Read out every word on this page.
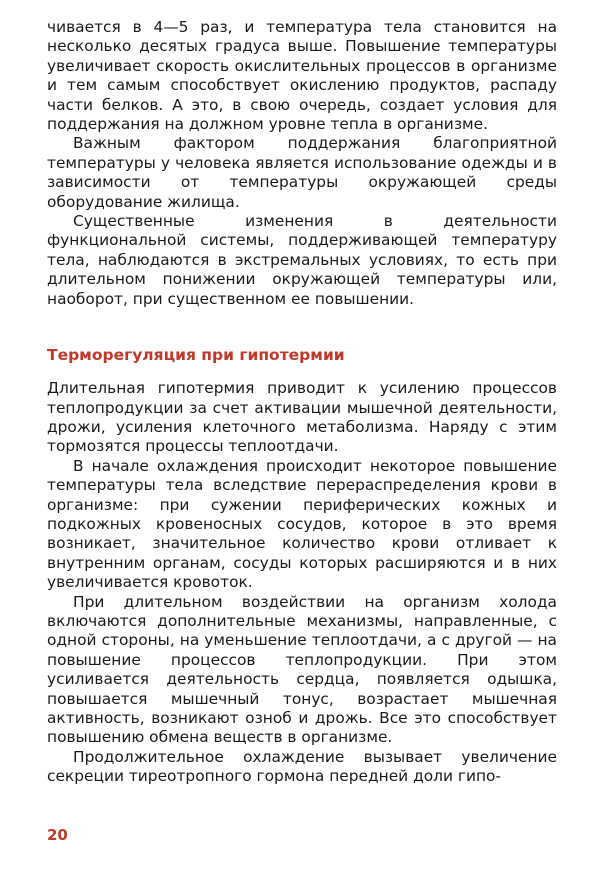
чивается в 4—5 раз, и температура тела становится на несколько десятых градуса выше. Повышение температуры увеличивает скорость окислительных процессов в организме и тем самым способствует окислению продуктов, распаду части белков. А это, в свою очередь, создает условия для поддержания на должном уровне тепла в организме.

Важным фактором поддержания благоприятной температуры у человека является использование одежды и в зависимости от температуры окружающей среды оборудование жилища.

Существенные изменения в деятельности функциональной системы, поддерживающей температуру тела, наблюдаются в экстремальных условиях, то есть при длительном понижении окружающей температуры или, наоборот, при существенном ее повышении.

Терморегуляция при гипотермии

Длительная гипотермия приводит к усилению процессов теплопродукции за счет активации мышечной деятельности, дрожи, усиления клеточного метаболизма. Наряду с этим тормозятся процессы теплоотдачи.

В начале охлаждения происходит некоторое повышение температуры тела вследствие перераспределения крови в организме: при сужении периферических кожных и подкожных кровеносных сосудов, которое в это время возникает, значительное количество крови отливает к внутренним органам, сосуды которых расширяются и в них увеличивается кровоток.

При длительном воздействии на организм холода включаются дополнительные механизмы, направленные, с одной стороны, на уменьшение теплоотдачи, а с другой — на повышение процессов теплопродукции. При этом усиливается деятельность сердца, появляется одышка, повышается мышечный тонус, возрастает мышечная активность, возникают озноб и дрожь. Все это способствует повышению обмена веществ в организме.

Продолжительное охлаждение вызывает увеличение секреции тиреотропного гормона передней доли гипо-

20
